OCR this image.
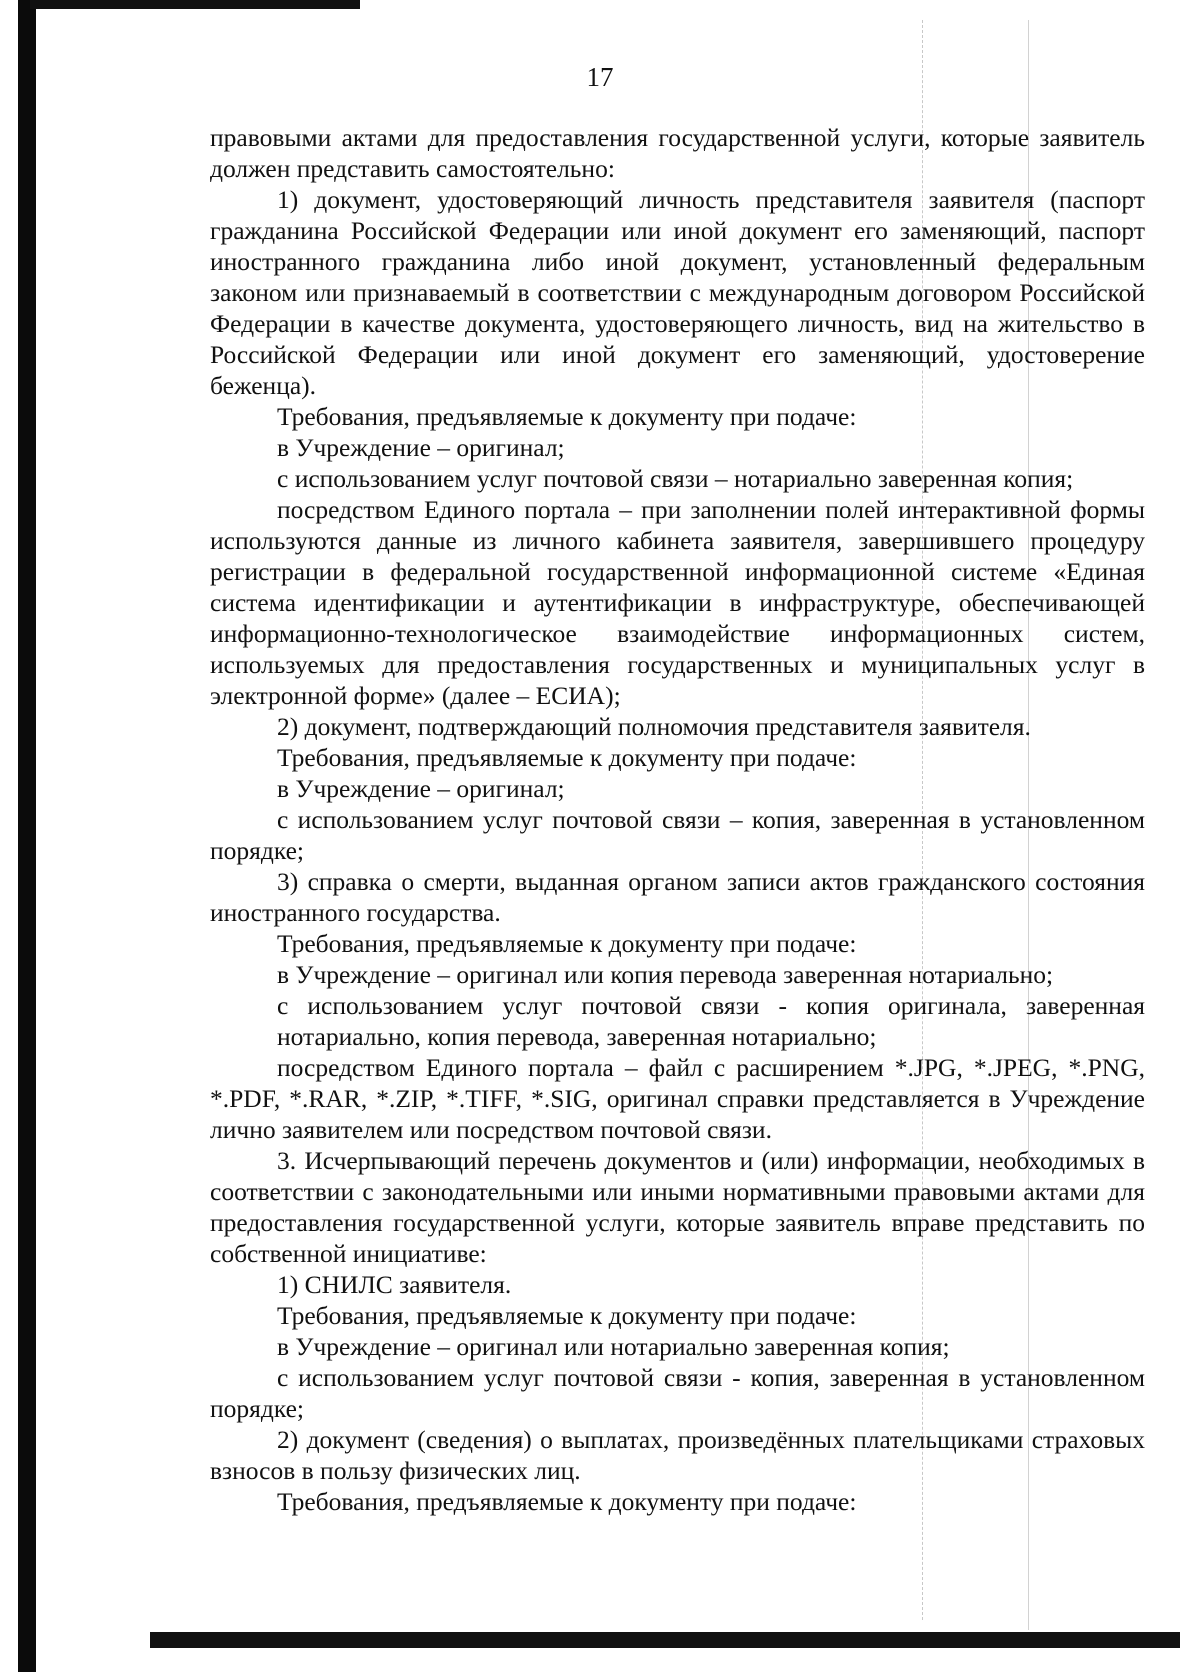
17

правовыми актами для предоставления государственной услуги, которые заявитель должен представить самостоятельно:

1) документ, удостоверяющий личность представителя заявителя (паспорт гражданина Российской Федерации или иной документ его заменяющий, паспорт иностранного гражданина либо иной документ, установленный федеральным законом или признаваемый в соответствии с международным договором Российской Федерации в качестве документа, удостоверяющего личность, вид на жительство в Российской Федерации или иной документ его заменяющий, удостоверение беженца).

Требования, предъявляемые к документу при подаче:

в Учреждение – оригинал;

с использованием услуг почтовой связи – нотариально заверенная копия;

посредством Единого портала – при заполнении полей интерактивной формы используются данные из личного кабинета заявителя, завершившего процедуру регистрации в федеральной государственной информационной системе «Единая система идентификации и аутентификации в инфраструктуре, обеспечивающей информационно-технологическое взаимодействие информационных систем, используемых для предоставления государственных и муниципальных услуг в электронной форме» (далее – ЕСИА);

2) документ, подтверждающий полномочия представителя заявителя.

Требования, предъявляемые к документу при подаче:

в Учреждение – оригинал;

с использованием услуг почтовой связи – копия, заверенная в установленном порядке;

3) справка о смерти, выданная органом записи актов гражданского состояния иностранного государства.

Требования, предъявляемые к документу при подаче:

в Учреждение – оригинал или копия перевода заверенная нотариально;

с использованием услуг почтовой связи - копия оригинала, заверенная нотариально, копия перевода, заверенная нотариально;

посредством Единого портала – файл с расширением *.JPG, *.JPEG, *.PNG, *.PDF, *.RAR, *.ZIP, *.TIFF, *.SIG, оригинал справки представляется в Учреждение лично заявителем или посредством почтовой связи.

3. Исчерпывающий перечень документов и (или) информации, необходимых в соответствии с законодательными или иными нормативными правовыми актами для предоставления государственной услуги, которые заявитель вправе представить по собственной инициативе:

1) СНИЛС заявителя.

Требования, предъявляемые к документу при подаче:

в Учреждение – оригинал или нотариально заверенная копия;

с использованием услуг почтовой связи - копия, заверенная в установленном порядке;

2) документ (сведения) о выплатах, произведённых плательщиками страховых взносов в пользу физических лиц.

Требования, предъявляемые к документу при подаче:
